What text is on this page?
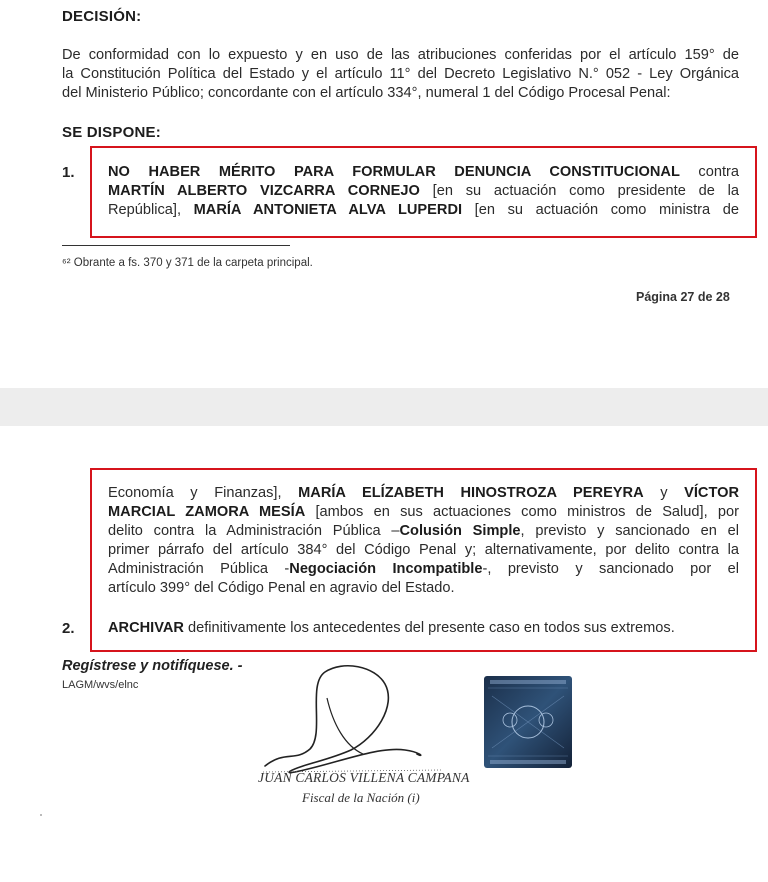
DECISIÓN:
De conformidad con lo expuesto y en uso de las atribuciones conferidas por el artículo 159° de
la Constitución Política del Estado y el artículo 11° del Decreto Legislativo N.° 052 - Ley Orgánica
del Ministerio Público; concordante con el artículo 334°, numeral 1 del Código Procesal Penal:
SE DISPONE:
1. NO HABER MÉRITO PARA FORMULAR DENUNCIA CONSTITUCIONAL contra
MARTÍN ALBERTO VIZCARRA CORNEJO [en su actuación como presidente de la
República], MARÍA ANTONIETA ALVA LUPERDI [en su actuación como ministra de
⁶² Obrante a fs. 370 y 371 de la carpeta principal.
Página 27 de 28
Economía y Finanzas], MARÍA ELÍZABETH HINOSTROZA PEREYRA y VÍCTOR
MARCIAL ZAMORA MESÍA [ambos en sus actuaciones como ministros de Salud], por
delito contra la Administración Pública –Colusión Simple, previsto y sancionado en el
primer párrafo del artículo 384° del Código Penal y; alternativamente, por delito contra la
Administración Pública -Negociación Incompatible-, previsto y sancionado por el
artículo 399° del Código Penal en agravio del Estado.
2. ARCHIVAR definitivamente los antecedentes del presente caso en todos sus extremos.
Regístrese y notifíquese. -
LAGM/wvs/elnc
JUAN CARLOS VILLENA CAMPANA
Fiscal de la Nación (i)
